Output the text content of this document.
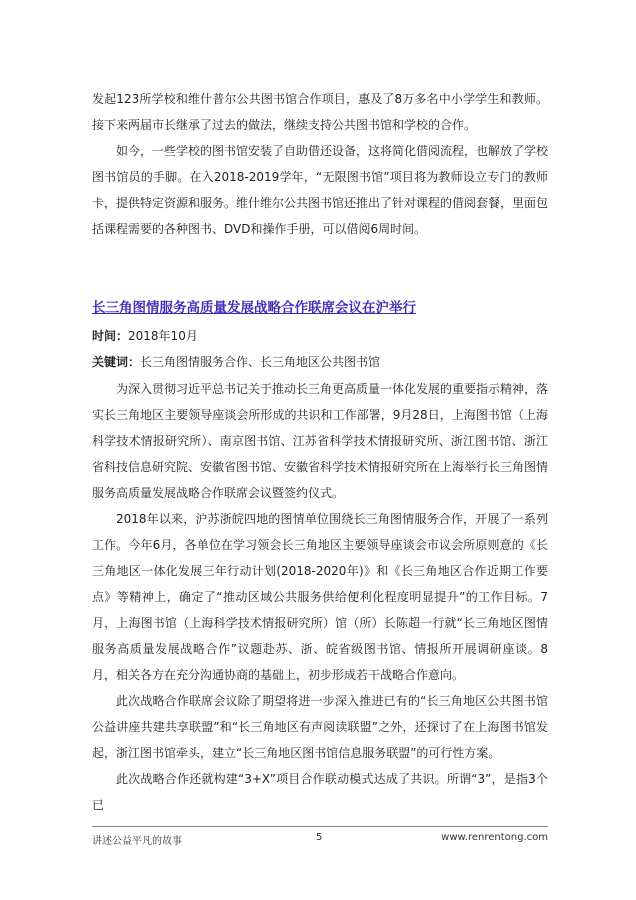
发起123所学校和维什普尔公共图书馆合作项目，惠及了8万多名中小学学生和教师。接下来两届市长继承了过去的做法，继续支持公共图书馆和学校的合作。

如今，一些学校的图书馆安装了自助借还设备，这将简化借阅流程，也解放了学校图书馆员的手脚。在入2018-2019学年，“无限图书馆”项目将为教师设立专门的教师卡，提供特定资源和服务。维什维尔公共图书馆还推出了针对课程的借阅套餐，里面包括课程需要的各种图书、DVD和操作手册，可以借阅6周时间。

长三角图情服务高质量发展战略合作联席会议在沪举行
时间：2018年10月
关键词：长三角图情服务合作、长三角地区公共图书馆

为深入贯彻习近平总书记关于推动长三角更高质量一体化发展的重要指示精神，落实长三角地区主要领导座谈会所形成的共识和工作部署，9月28日，上海图书馆（上海科学技术情报研究所）、南京图书馆、江苏省科学技术情报研究所、浙江图书馆、浙江省科技信息研究院、安徽省图书馆、安徽省科学技术情报研究所在上海举行长三角图情服务高质量发展战略合作联席会议暨签约仪式。

2018年以来，沪苏浙皖四地的图情单位围绕长三角图情服务合作，开展了一系列工作。今年6月，各单位在学习领会长三角地区主要领导座谈会市议会所原则意的《长三角地区一体化发展三年行动计划(2018-2020年)》和《长三角地区合作近期工作要点》等精神上，确定了“推动区域公共服务供给便利化程度明显提升”的工作目标。7月，上海图书馆（上海科学技术情报研究所）馆（所）长陈超一行就“长三角地区图情服务高质量发展战略合作”议题赴苏、浙、皖省级图书馆、情报所开展调研座谈。8月，相关各方在充分沟通协商的基础上，初步形成若干战略合作意向。

此次战略合作联席会议除了期望将进一步深入推进已有的“长三角地区公共图书馆公益讲座共建共享联盟”和“长三角地区有声阅读联盟”之外，还探讨了在上海图书馆发起，浙江图书馆牵头，建立“长三角地区图书馆信息服务联盟”的可行性方案。

此次战略合作还就构建“3+X”项目合作联动模式达成了共识。所谓“3”，是指3个已

讲述公益平凡的故事	5	www.renrentong.com
